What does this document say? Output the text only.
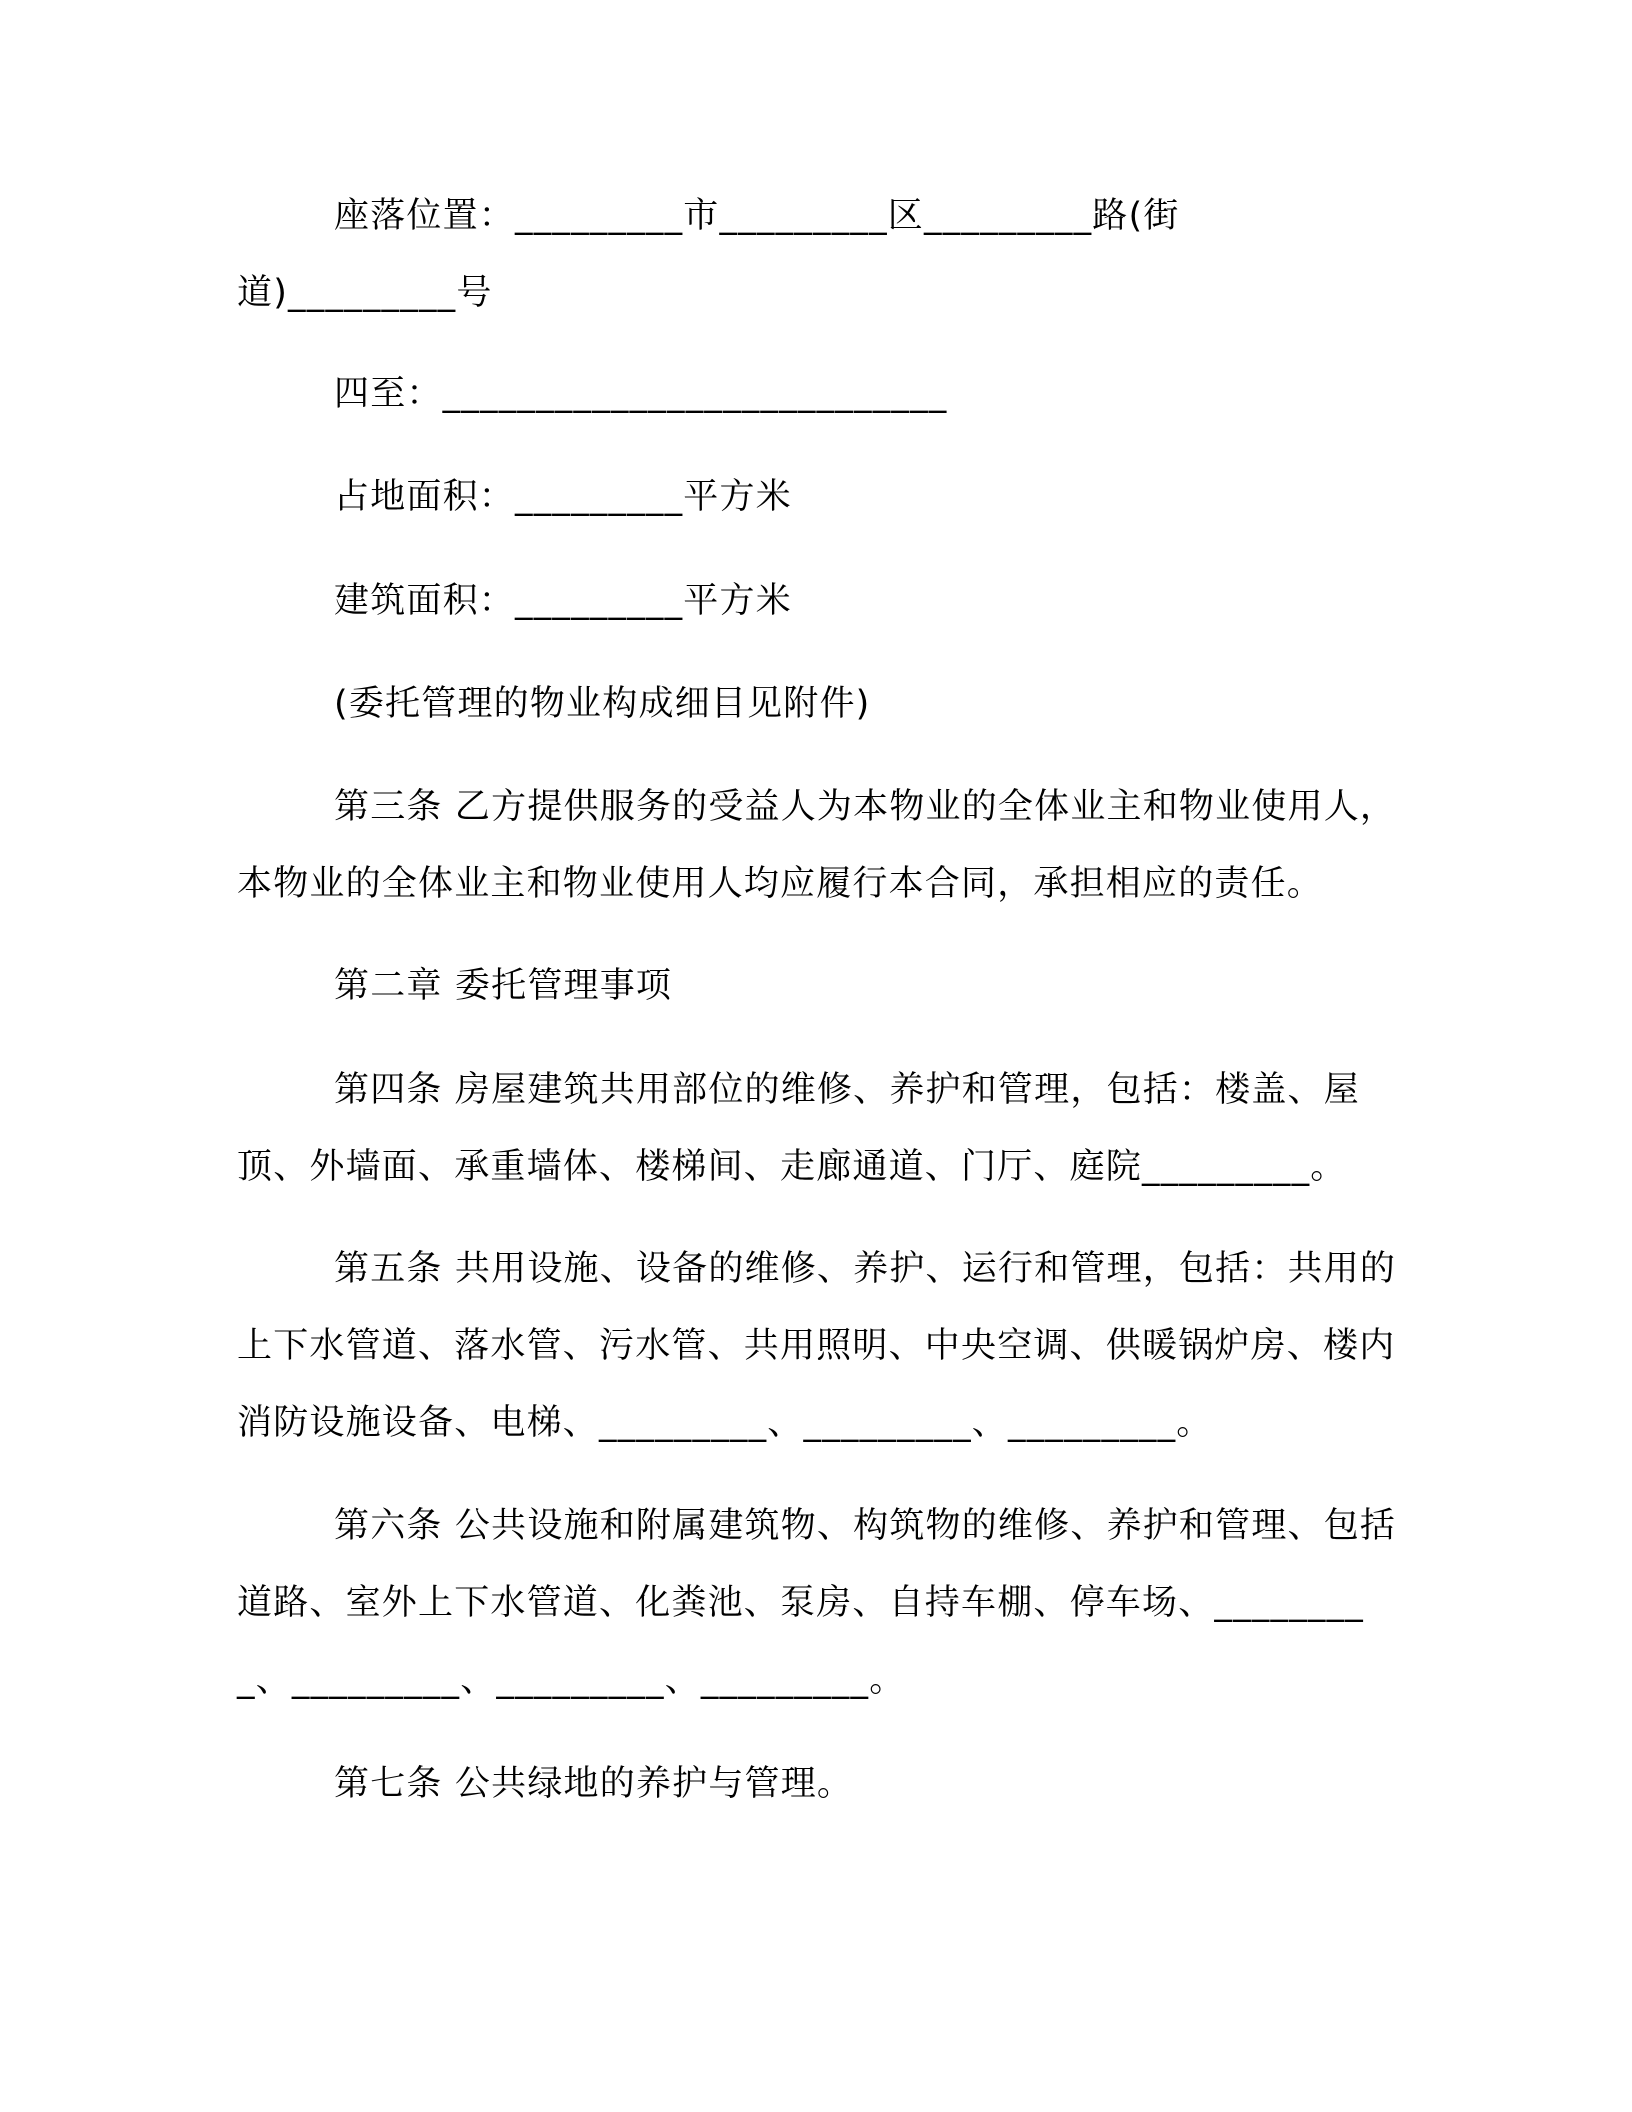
座落位置：_________市_________区_________路(街道)_________号

四至：___________________________

占地面积：_________平方米

建筑面积：_________平方米

(委托管理的物业构成细目见附件)

第三条 乙方提供服务的受益人为本物业的全体业主和物业使用人，本物业的全体业主和物业使用人均应履行本合同，承担相应的责任。

第二章 委托管理事项

第四条 房屋建筑共用部位的维修、养护和管理，包括：楼盖、屋顶、外墙面、承重墙体、楼梯间、走廊通道、门厅、庭院_________。

第五条 共用设施、设备的维修、养护、运行和管理，包括：共用的上下水管道、落水管、污水管、共用照明、中央空调、供暖锅炉房、楼内消防设施设备、电梯、_________、_________、_________。

第六条 公共设施和附属建筑物、构筑物的维修、养护和管理、包括道路、室外上下水管道、化粪池、泵房、自持车棚、停车场、_________、_________、_________、_________。

第七条 公共绿地的养护与管理。
